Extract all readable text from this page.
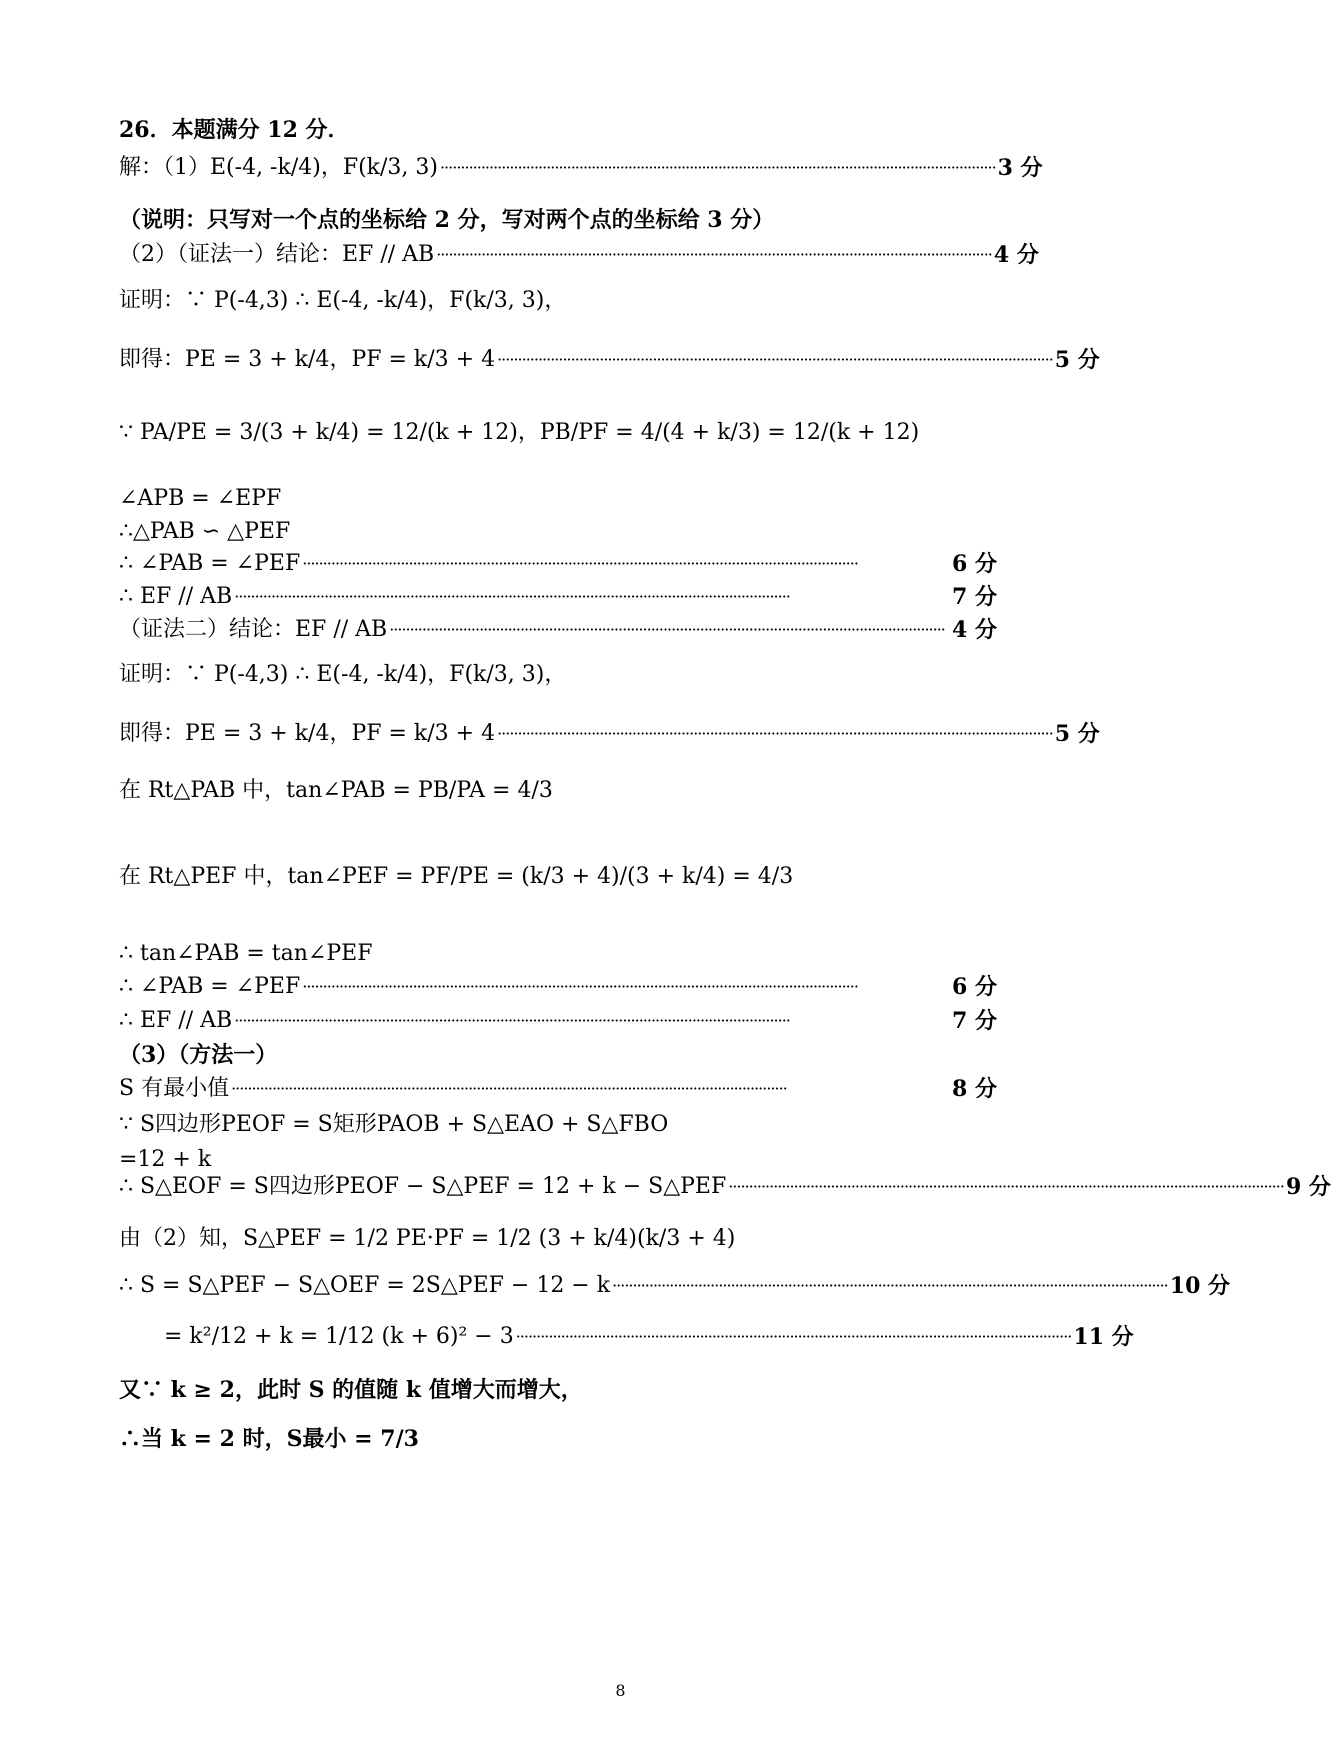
26．本题满分 12 分．
解：（1）E(-4, -k/4)，F(k/3, 3) ········································································································································ 3 分
（说明：只写对一个点的坐标给 2 分，写对两个点的坐标给 3 分）
（2）（证法一）结论：EF // AB ········································································································································ 4 分
证明：∵ P(-4,3) ∴ E(-4, -k/4)，F(k/3, 3)，
即得：PE = 3 + k/4，PF = k/3 + 4 ········································································································································ 5 分
∵ PA/PE = 3/(3 + k/4) = 12/(k + 12)，PB/PF = 4/(4 + k/3) = 12/(k + 12)
∠APB = ∠EPF
∴△PAB ∽ △PEF
∴ ∠PAB = ∠PEF ········································································································································	6 分
∴ EF // AB ········································································································································	7 分
（证法二）结论：EF // AB ········································································································································ 4 分
证明：∵ P(-4,3) ∴ E(-4, -k/4)，F(k/3, 3)，
即得：PE = 3 + k/4，PF = k/3 + 4 ········································································································································ 5 分
在 Rt△PAB 中，tan∠PAB = PB/PA = 4/3
在 Rt△PEF 中，tan∠PEF = PF/PE = (k/3 + 4)/(3 + k/4) = 4/3
∴ tan∠PAB = tan∠PEF
∴ ∠PAB = ∠PEF ········································································································································	6 分
∴ EF // AB ········································································································································	7 分
（3）（方法一）
S 有最小值 ········································································································································	8 分
∵ S四边形PEOF = S矩形PAOB + S△EAO + S△FBO
=12 + k
∴ S△EOF = S四边形PEOF − S△PEF = 12 + k − S△PEF ········································································································································ 9 分
由（2）知，S△PEF = 1/2 PE·PF = 1/2 (3 + k/4)(k/3 + 4)
∴ S = S△PEF − S△OEF = 2S△PEF − 12 − k ········································································································································ 10 分
= k²/12 + k = 1/12 (k + 6)² − 3 ········································································································································ 11 分
又∵ k ≥ 2，此时 S 的值随 k 值增大而增大，
∴当 k = 2 时，S最小 = 7/3
8
